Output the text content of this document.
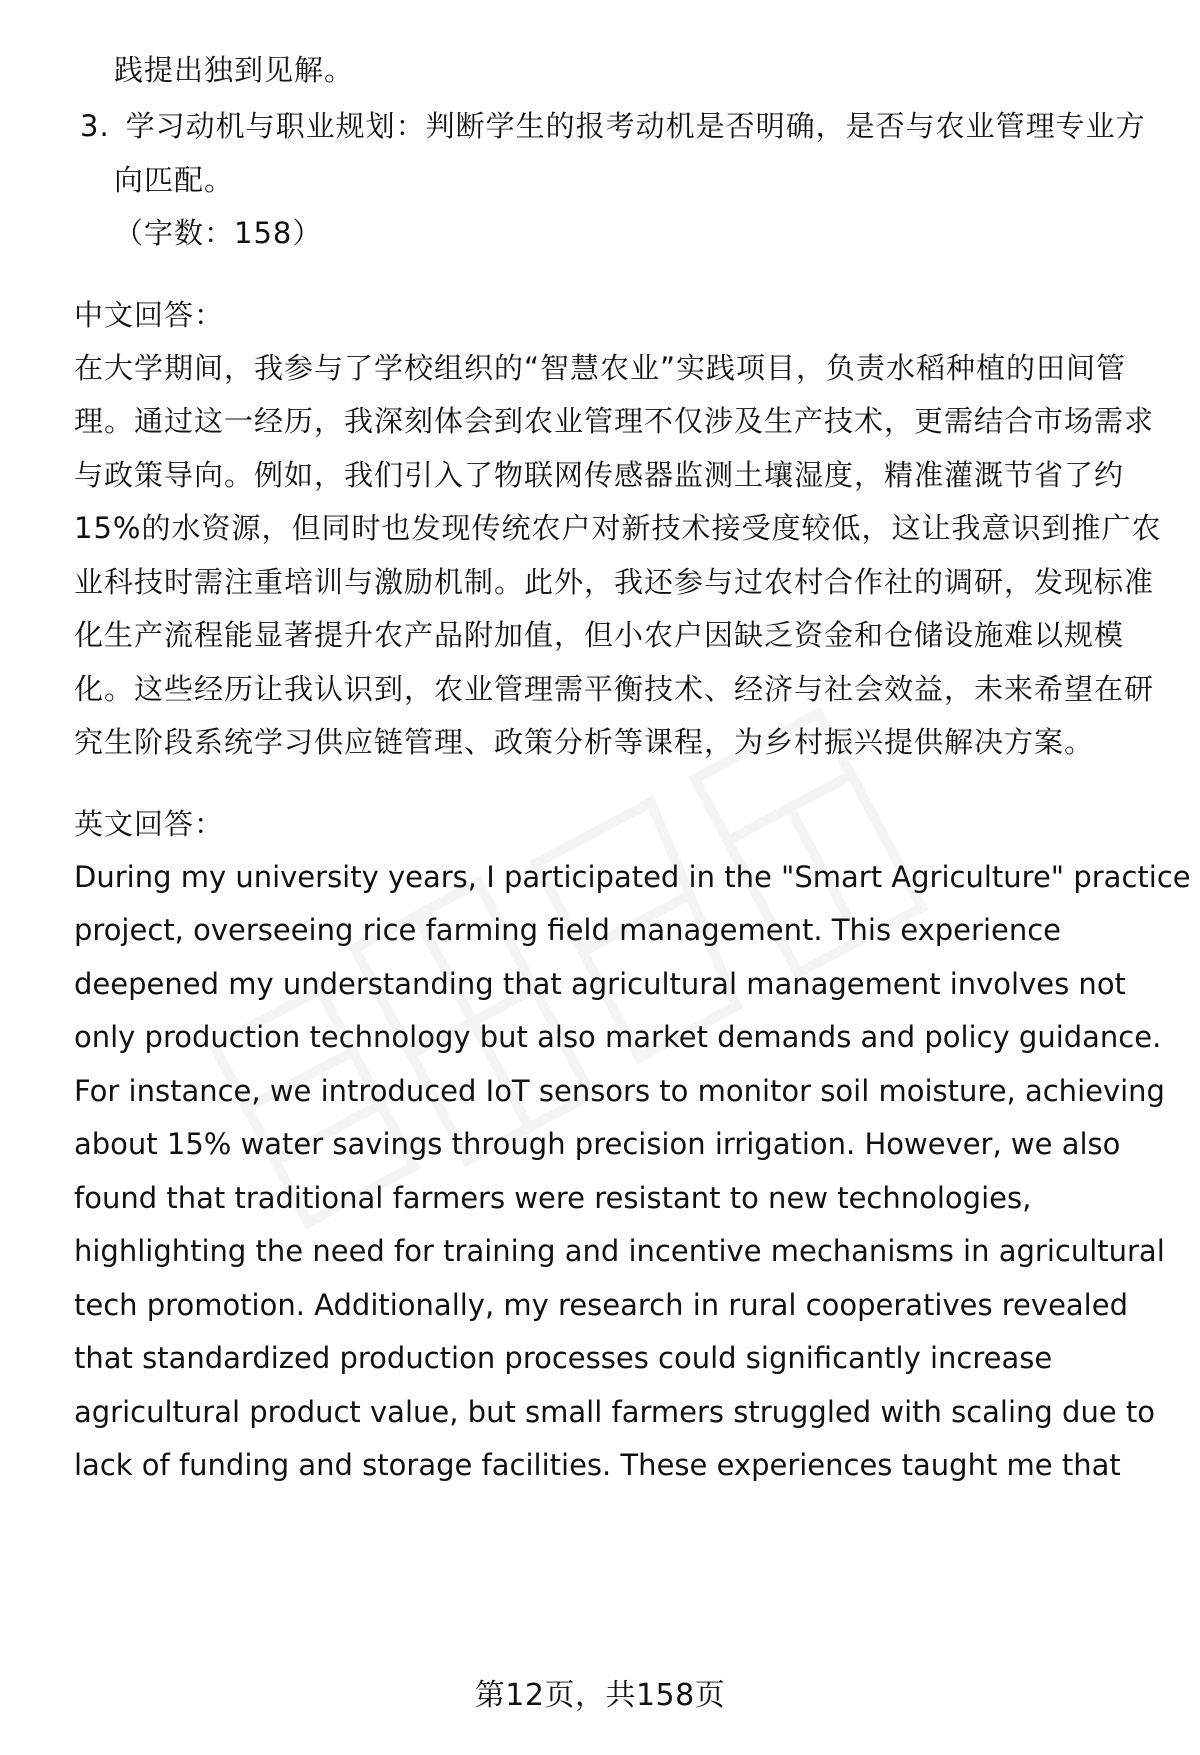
践提出独到见解。
3. 学习动机与职业规划：判断学生的报考动机是否明确，是否与农业管理专业方
向匹配。
（字数：158）
中文回答：
在大学期间，我参与了学校组织的“智慧农业”实践项目，负责水稻种植的田间管
理。通过这一经历，我深刻体会到农业管理不仅涉及生产技术，更需结合市场需求
与政策导向。例如，我们引入了物联网传感器监测土壤湿度，精准灌溉节省了约
15%的水资源，但同时也发现传统农户对新技术接受度较低，这让我意识到推广农
业科技时需注重培训与激励机制。此外，我还参与过农村合作社的调研，发现标准
化生产流程能显著提升农产品附加值，但小农户因缺乏资金和仓储设施难以规模
化。这些经历让我认识到，农业管理需平衡技术、经济与社会效益，未来希望在研
究生阶段系统学习供应链管理、政策分析等课程，为乡村振兴提供解决方案。
英文回答：
During my university years, I participated in the "Smart Agriculture" practice
project, overseeing rice farming field management. This experience
deepened my understanding that agricultural management involves not
only production technology but also market demands and policy guidance.
For instance, we introduced IoT sensors to monitor soil moisture, achieving
about 15% water savings through precision irrigation. However, we also
found that traditional farmers were resistant to new technologies,
highlighting the need for training and incentive mechanisms in agricultural
tech promotion. Additionally, my research in rural cooperatives revealed
that standardized production processes could significantly increase
agricultural product value, but small farmers struggled with scaling due to
lack of funding and storage facilities. These experiences taught me that
第12页，共158页
